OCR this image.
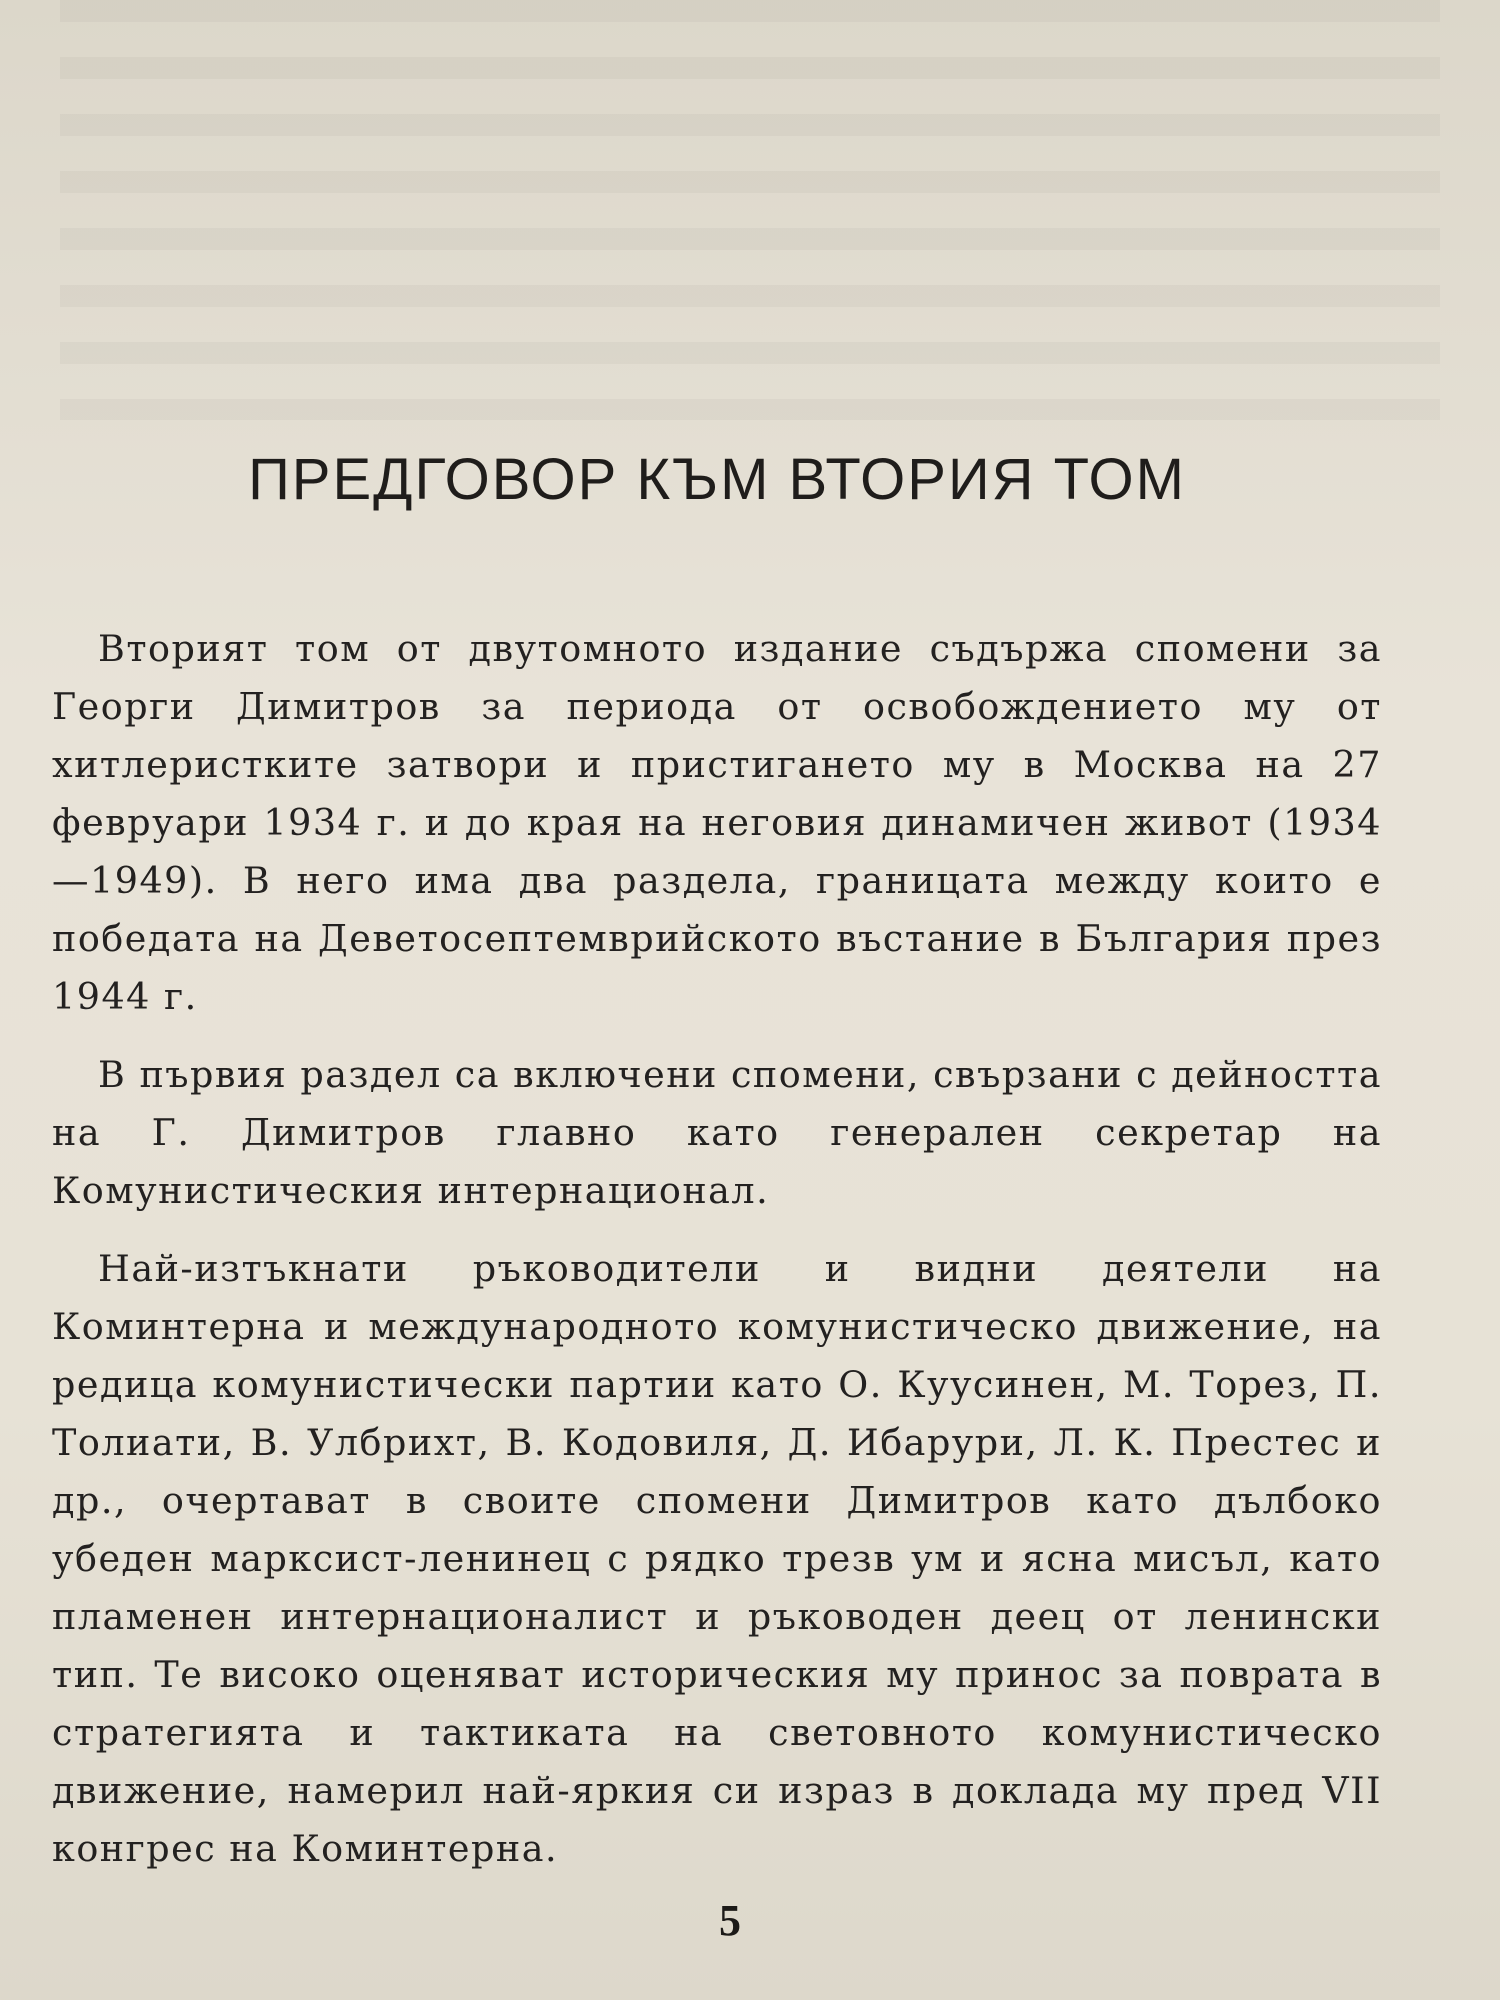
ПРЕДГОВОР КЪМ ВТОРИЯ ТОМ

Вторият том от двутомното издание съдържа спомени за Георги Димитров за периода от освобождението му от хитлеристките затвори и пристигането му в Москва на 27 февруари 1934 г. и до края на неговия динамичен живот (1934—1949). В него има два раздела, границата между които е победата на Деветосептемврийското въстание в България през 1944 г.

В първия раздел са включени спомени, свързани с дейността на Г. Димитров главно като генерален секретар на Комунистическия интернационал.

Най-изтъкнати ръководители и видни деятели на Коминтерна и международното комунистическо движение, на редица комунистически партии като О. Куусинен, М. Торез, П. Толиати, В. Улбрихт, В. Кодовиля, Д. Ибарури, Л. К. Престес и др., очертават в своите спомени Димитров като дълбоко убеден марксист-ленинец с рядко трезв ум и ясна мисъл, като пламенен интернационалист и ръководен деец от ленински тип. Те високо оценяват историческия му принос за поврата в стратегията и тактиката на световното комунистическо движение, намерил най-яркия си израз в доклада му пред VII конгрес на Коминтерна.

5
